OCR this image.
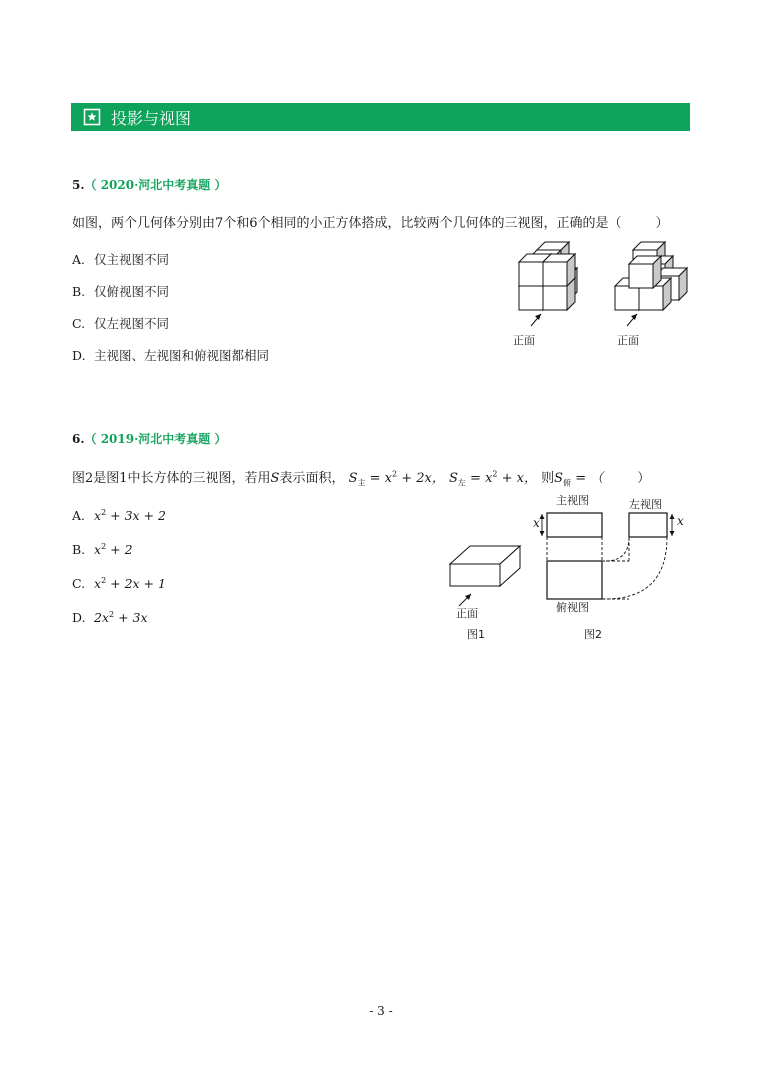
投影与视图
5.（ 2020·河北中考真题 ）
如图，两个几何体分别由7个和6个相同的小正方体搭成，比较两个几何体的三视图，正确的是（	）
A. 仅主视图不同
B. 仅俯视图不同
C. 仅左视图不同
D. 主视图、左视图和俯视图都相同
正面	正面
6.（ 2019·河北中考真题 ）
图2是图1中长方体的三视图，若用S表示面积， $S_主 = x^2 + 2x$， $S_左 = x^2 + x$， 则$S_俯$ = （	）
A. $x^2 + 3x + 2$
B. $x^2 + 2$
C. $x^2 + 2x + 1$
D. $2x^2 + 3x$	正面
图1
主视图	左视图
俯视图
x	x
图2
- 3 -
